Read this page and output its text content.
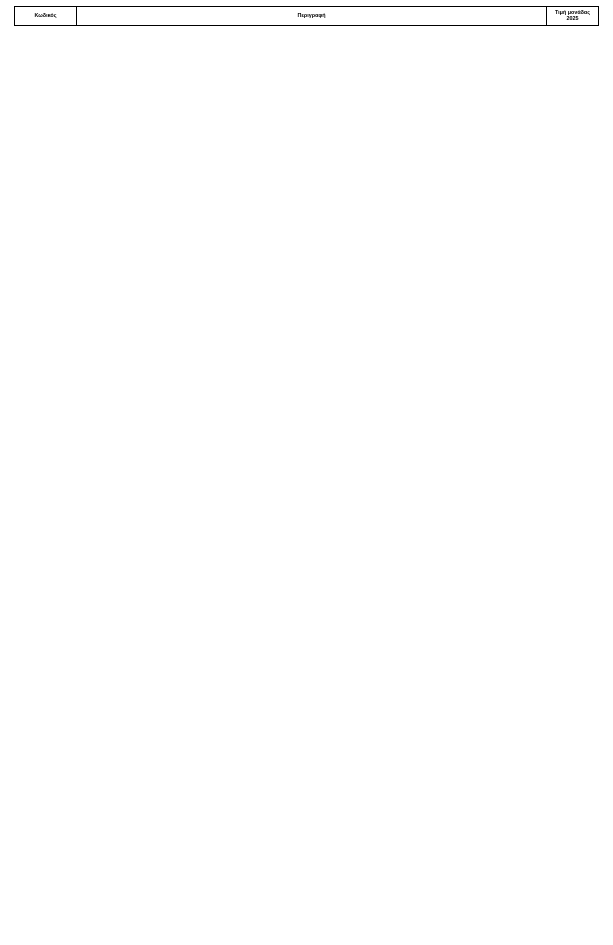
Κωδικός	Περιγραφή	Τιμή μονάδας 2025
